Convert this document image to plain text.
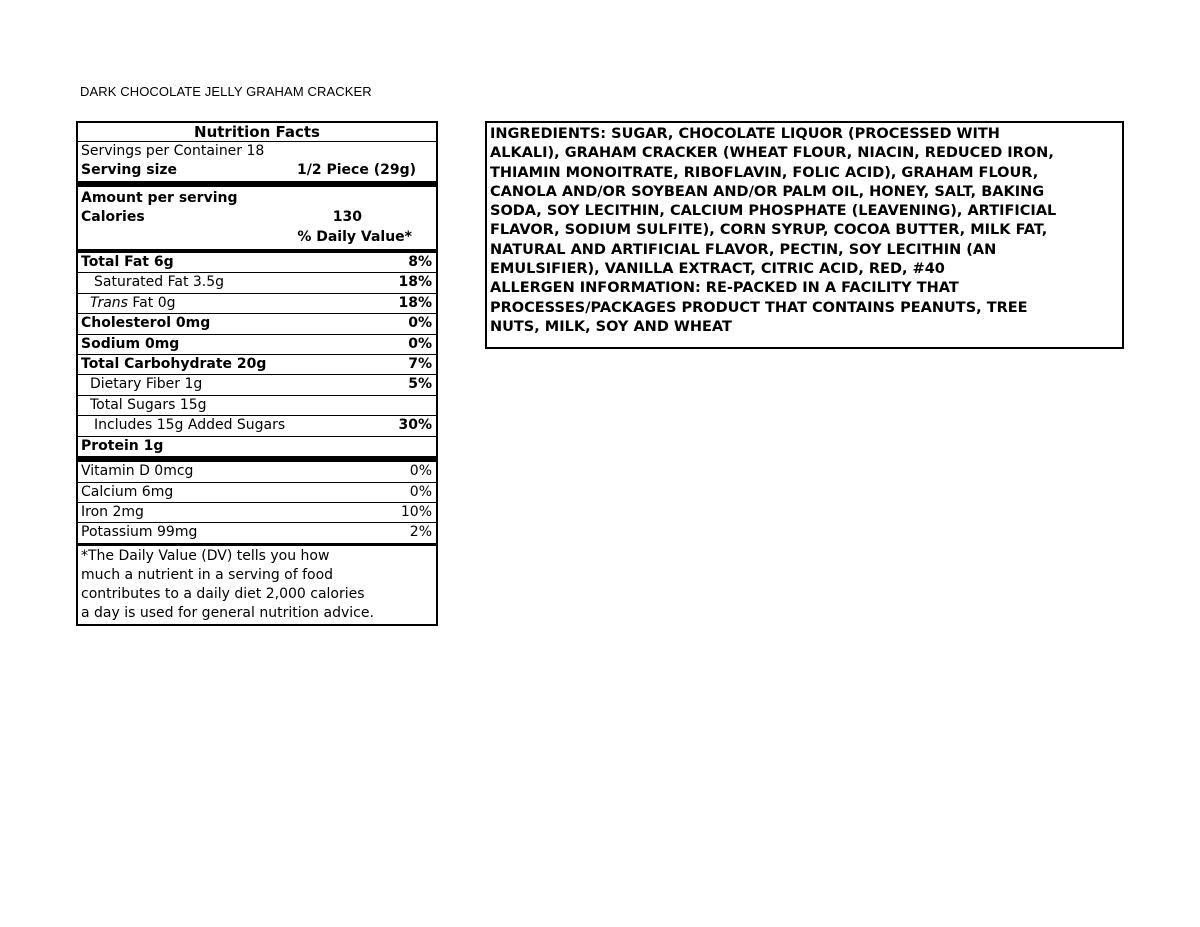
DARK CHOCOLATE JELLY GRAHAM CRACKER
Nutrition Facts
Servings per Container 18
Serving size	1/2 Piece (29g)
Amount per serving
Calories	130
% Daily Value*
Total Fat 6g	8%
Saturated Fat 3.5g	18%
Trans Fat 0g	18%
Cholesterol 0mg	0%
Sodium 0mg	0%
Total Carbohydrate 20g	7%
Dietary Fiber 1g	5%
Total Sugars 15g
Includes 15g Added Sugars	30%
Protein 1g
Vitamin D 0mcg	0%
Calcium 6mg	0%
Iron 2mg	10%
Potassium 99mg	2%
*The Daily Value (DV) tells you how
much a nutrient in a serving of food
contributes to a daily diet 2,000 calories
a day is used for general nutrition advice.
INGREDIENTS: SUGAR, CHOCOLATE LIQUOR (PROCESSED WITH
ALKALI), GRAHAM CRACKER (WHEAT FLOUR, NIACIN, REDUCED IRON,
THIAMIN MONOITRATE, RIBOFLAVIN, FOLIC ACID), GRAHAM FLOUR,
CANOLA AND/OR SOYBEAN AND/OR PALM OIL, HONEY, SALT, BAKING
SODA, SOY LECITHIN, CALCIUM PHOSPHATE (LEAVENING), ARTIFICIAL
FLAVOR, SODIUM SULFITE), CORN SYRUP, COCOA BUTTER, MILK FAT,
NATURAL AND ARTIFICIAL FLAVOR, PECTIN, SOY LECITHIN (AN
EMULSIFIER), VANILLA EXTRACT, CITRIC ACID, RED, #40
ALLERGEN INFORMATION: RE-PACKED IN A FACILITY THAT
PROCESSES/PACKAGES PRODUCT THAT CONTAINS PEANUTS, TREE
NUTS, MILK, SOY AND WHEAT
